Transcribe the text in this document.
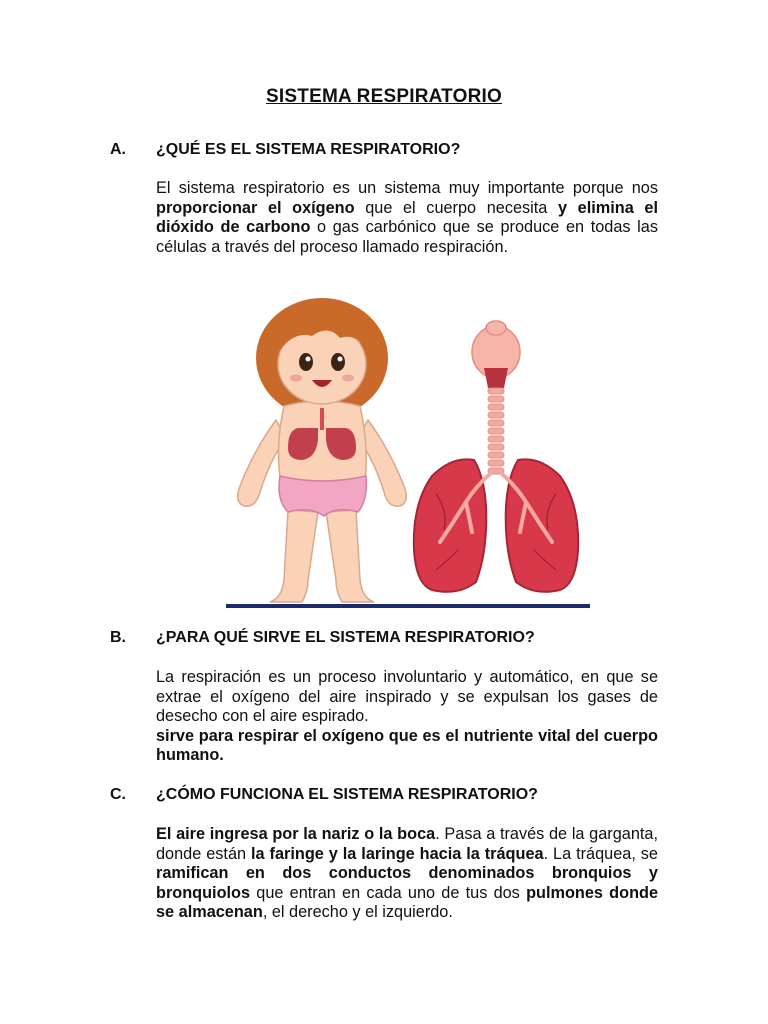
SISTEMA RESPIRATORIO
A. ¿QUÉ ES EL SISTEMA RESPIRATORIO?
El sistema respiratorio es un sistema muy importante porque nos proporcionar el oxígeno que el cuerpo necesita y elimina el dióxido de carbono o gas carbónico que se produce en todas las células a través del proceso llamado respiración.
B. ¿PARA QUÉ SIRVE EL SISTEMA RESPIRATORIO?
La respiración es un proceso involuntario y automático, en que se extrae el oxígeno del aire inspirado y se expulsan los gases de desecho con el aire espirado.
sirve para respirar el oxígeno que es el nutriente vital del cuerpo humano.
C. ¿CÓMO FUNCIONA EL SISTEMA RESPIRATORIO?
El aire ingresa por la nariz o la boca. Pasa a través de la garganta, donde están la faringe y la laringe hacia la tráquea. La tráquea, se ramifican en dos conductos denominados bronquios y bronquiolos que entran en cada uno de tus dos pulmones donde se almacenan, el derecho y el izquierdo.
